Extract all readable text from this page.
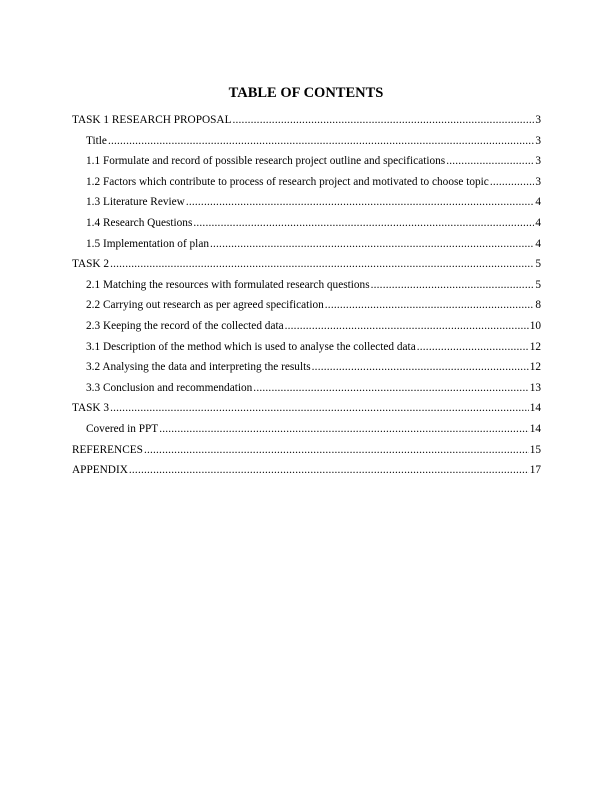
TABLE OF CONTENTS
TASK 1 RESEARCH PROPOSAL .....	3
Title .....	3
1.1 Formulate and record of possible research project outline and specifications .....	3
1.2 Factors which contribute to process of research project and motivated to choose topic .....	3
1.3 Literature Review .....	4
1.4 Research Questions .....	4
1.5 Implementation of plan .....	4
TASK 2 .....	5
2.1 Matching the resources with formulated research questions .....	5
2.2 Carrying out research as per agreed specification .....	8
2.3 Keeping the record of the collected data .....	10
3.1 Description of the method which is used to analyse the collected data .....	12
3.2 Analysing the data and interpreting the results .....	12
3.3 Conclusion and recommendation .....	13
TASK 3 .....	14
Covered in PPT .....	14
REFERENCES .....	15
APPENDIX .....	17
